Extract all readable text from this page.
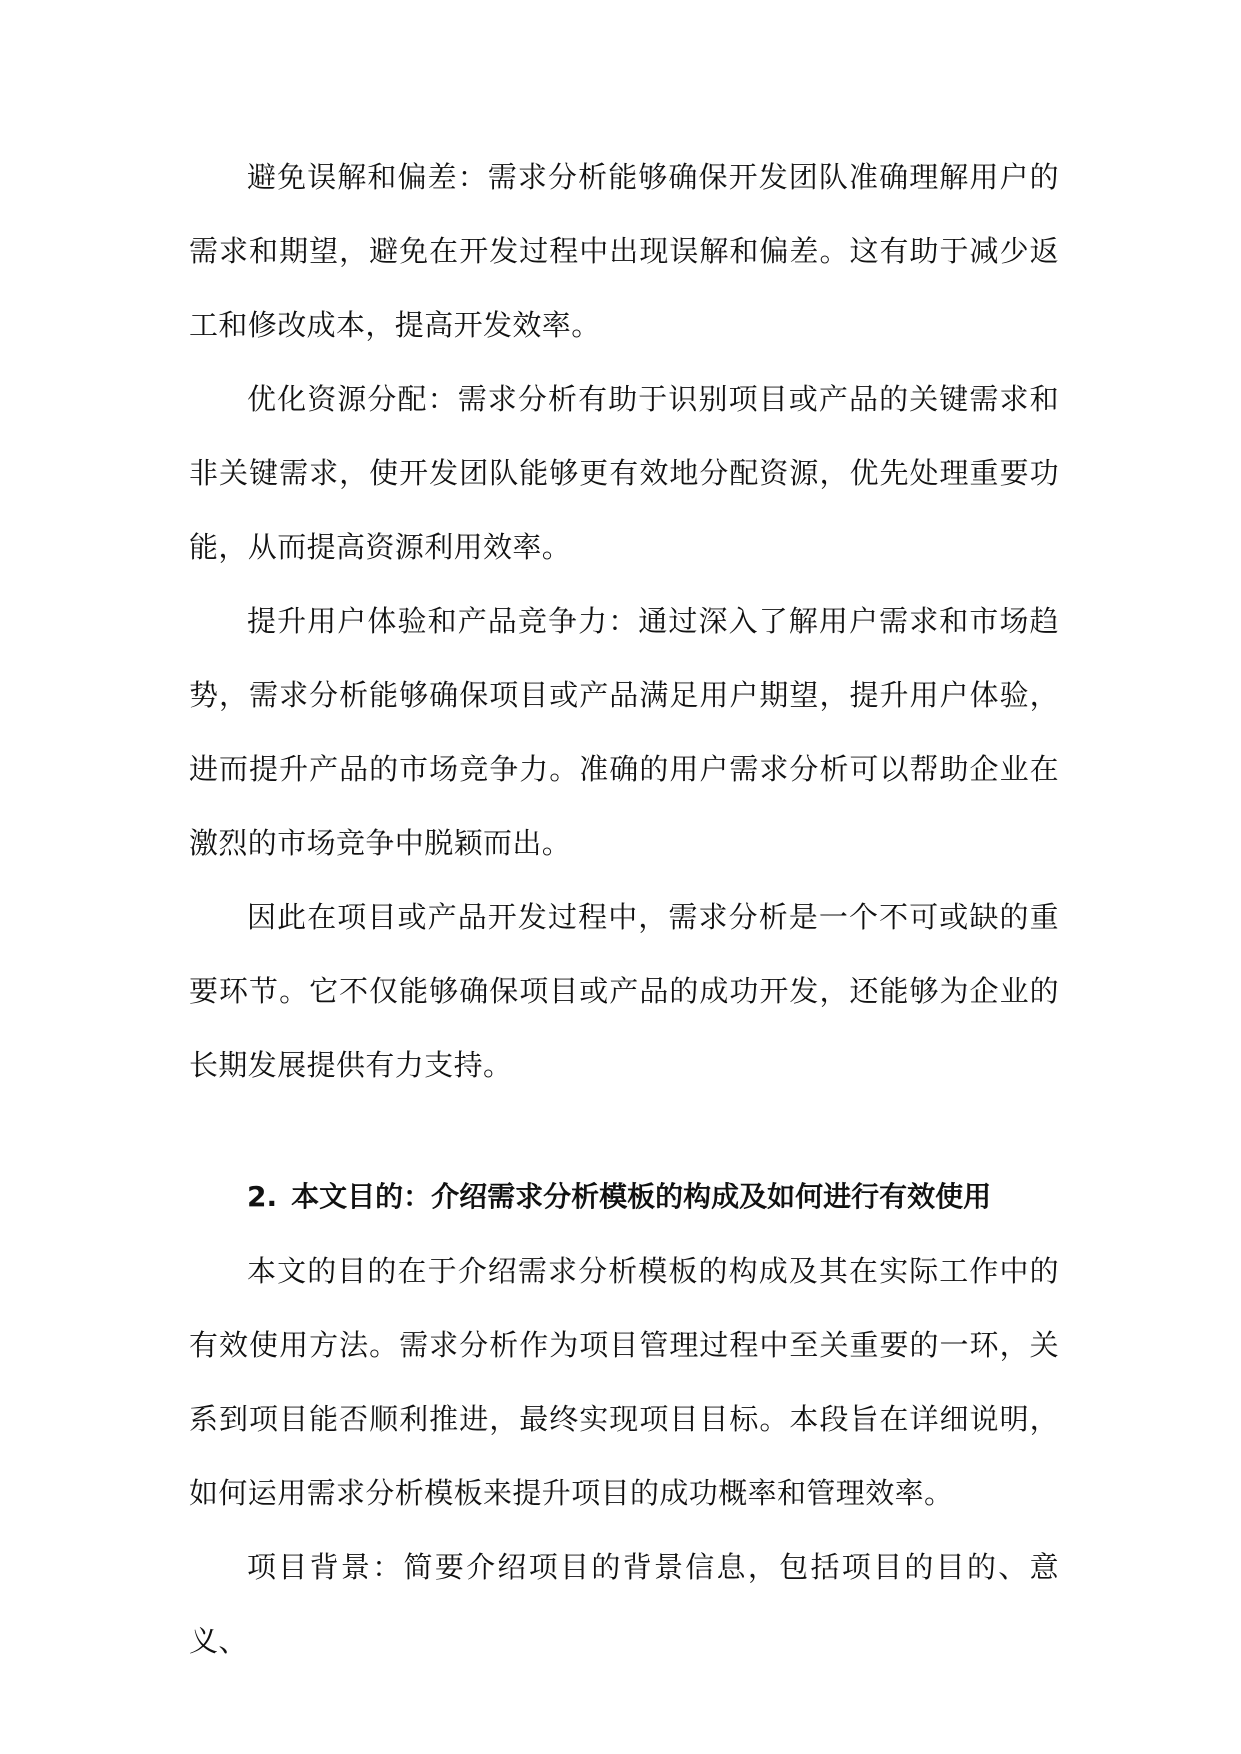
避免误解和偏差：需求分析能够确保开发团队准确理解用户的需求和期望，避免在开发过程中出现误解和偏差。这有助于减少返工和修改成本，提高开发效率。

优化资源分配：需求分析有助于识别项目或产品的关键需求和非关键需求，使开发团队能够更有效地分配资源，优先处理重要功能，从而提高资源利用效率。

提升用户体验和产品竞争力：通过深入了解用户需求和市场趋势，需求分析能够确保项目或产品满足用户期望，提升用户体验，进而提升产品的市场竞争力。准确的用户需求分析可以帮助企业在激烈的市场竞争中脱颖而出。

因此在项目或产品开发过程中，需求分析是一个不可或缺的重要环节。它不仅能够确保项目或产品的成功开发，还能够为企业的长期发展提供有力支持。

2. 本文目的：介绍需求分析模板的构成及如何进行有效使用

本文的目的在于介绍需求分析模板的构成及其在实际工作中的有效使用方法。需求分析作为项目管理过程中至关重要的一环，关系到项目能否顺利推进，最终实现项目目标。本段旨在详细说明，如何运用需求分析模板来提升项目的成功概率和管理效率。

项目背景：简要介绍项目的背景信息，包括项目的目的、意义、
